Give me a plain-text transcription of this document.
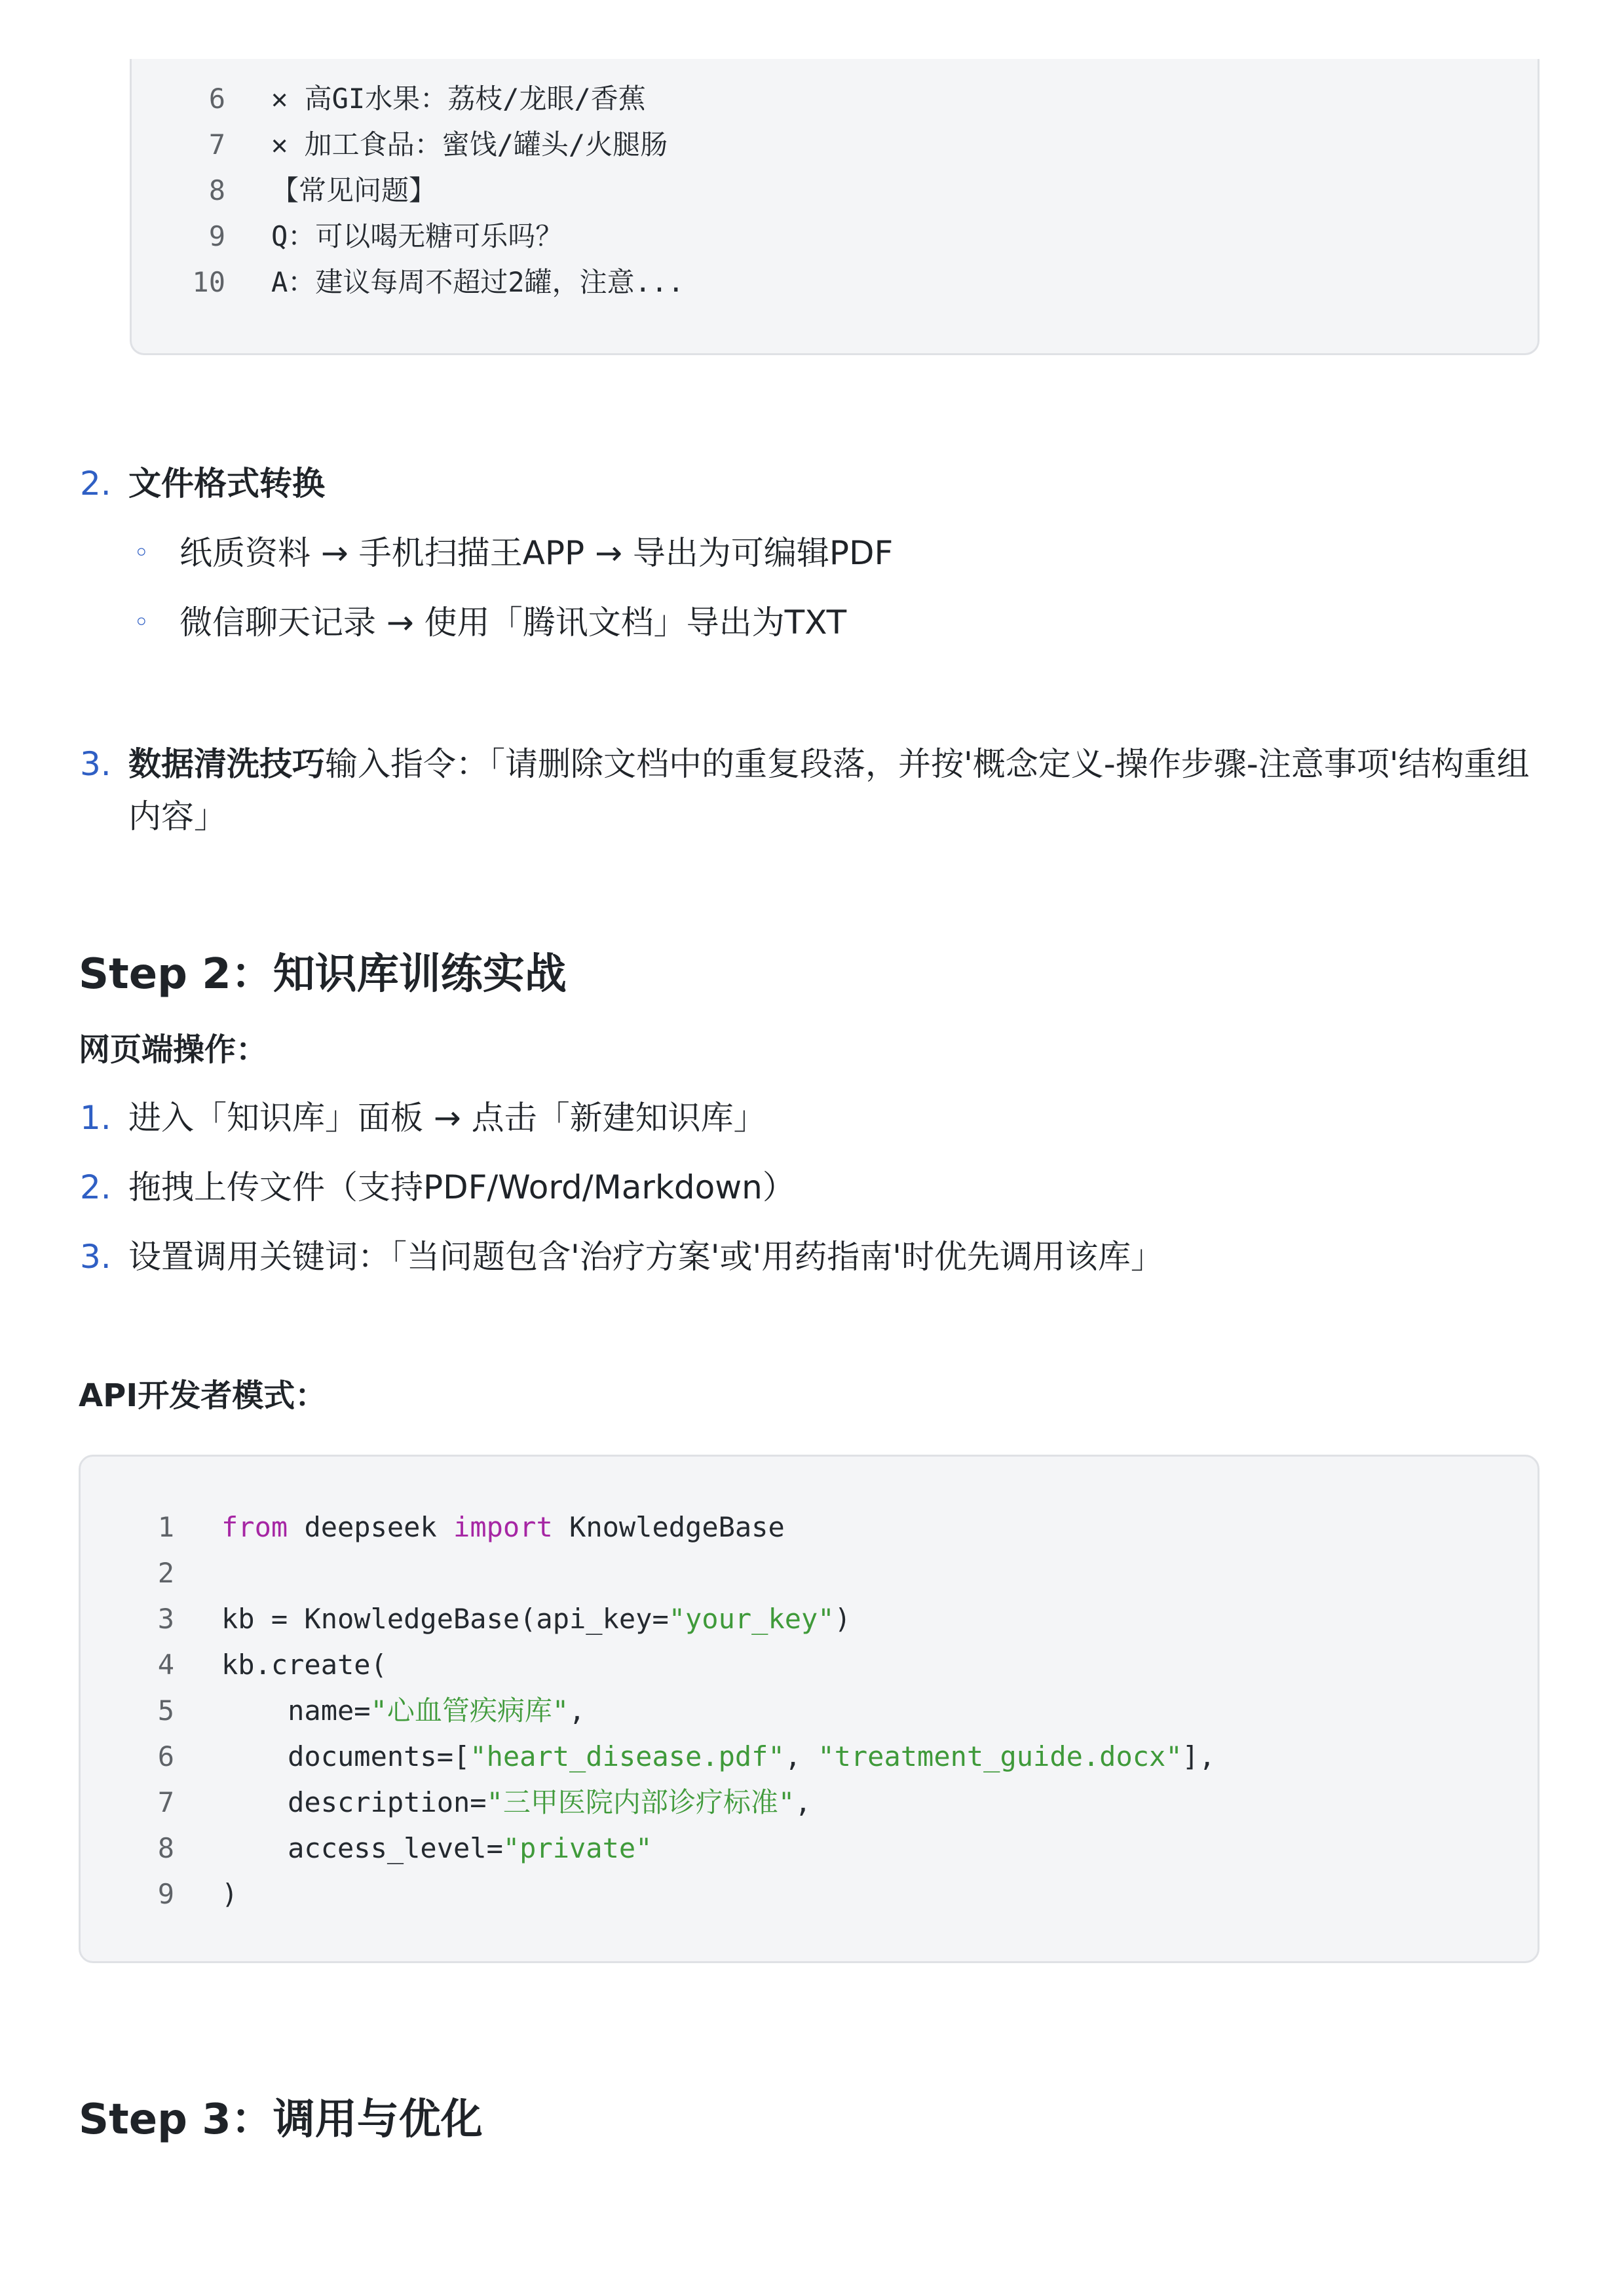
6 ✕ 高GI水果：荔枝/龙眼/香蕉
7 ✕ 加工食品：蜜饯/罐头/火腿肠
8 【常见问题】
9 Q：可以喝无糖可乐吗？
10 A：建议每周不超过2罐，注意...
2. 文件格式转换
◦ 纸质资料 → 手机扫描王APP → 导出为可编辑PDF
◦ 微信聊天记录 → 使用「腾讯文档」导出为TXT
3. 数据清洗技巧输入指令：「请删除文档中的重复段落，并按'概念定义-操作步骤-注意事项'结构重组
内容」
Step 2：知识库训练实战
网页端操作：
1. 进入「知识库」面板 → 点击「新建知识库」
2. 拖拽上传文件（支持PDF/Word/Markdown）
3. 设置调用关键词：「当问题包含'治疗方案'或'用药指南'时优先调用该库」
API开发者模式：
1 from deepseek import KnowledgeBase
2
3 kb = KnowledgeBase(api_key="your_key")
4 kb.create(
5 name="心血管疾病库",
6 documents=["heart_disease.pdf", "treatment_guide.docx"],
7 description="三甲医院内部诊疗标准",
8 access_level="private"
9 )
Step 3：调用与优化
